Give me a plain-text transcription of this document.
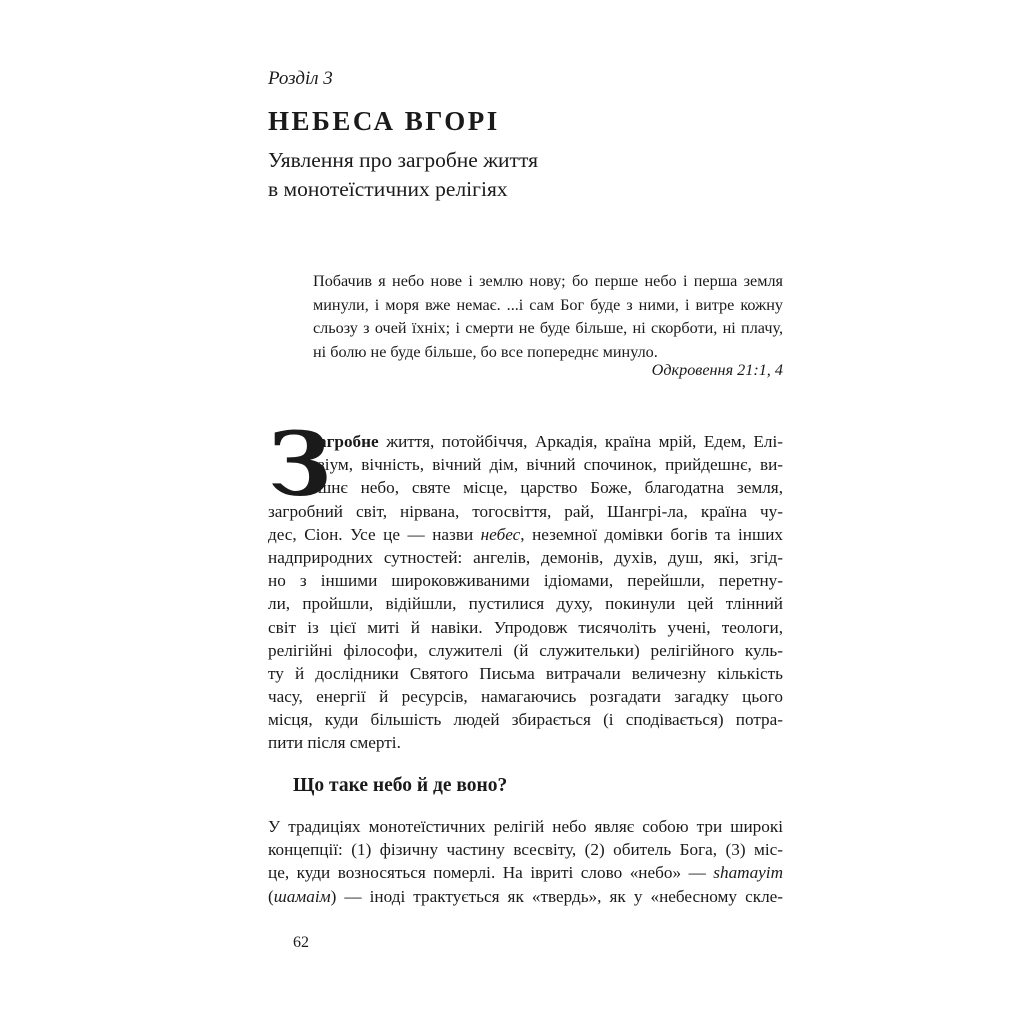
Розділ 3
НЕБЕСА ВГОРІ
Уявлення про загробне життя
в монотеїстичних релігіях
Побачив я небо нове і землю нову; бо перше небо і перша земля
минули, і моря вже немає. ...і сам Бог буде з ними, і витре кожну
сльозу з очей їхніх; і смерти не буде більше, ні скорботи, ні плачу,
ні болю не буде більше, бо все попереднє минуло.
Одкровення 21:1, 4
З
агробне життя, потойбіччя, Аркадія, країна мрій, Едем, Елі-
зіум, вічність, вічний дім, вічний спочинок, прийдешнє, ви-
шнє небо, святе місце, царство Боже, благодатна земля,
загробний світ, нірвана, тогосвіття, рай, Шангрі-ла, країна чу-
дес, Сіон. Усе це — назви небес, неземної домівки богів та інших
надприродних сутностей: ангелів, демонів, духів, душ, які, згід-
но з іншими широковживаними ідіомами, перейшли, перетну-
ли, пройшли, відійшли, пустилися духу, покинули цей тлінний
світ із цієї миті й навіки. Упродовж тисячоліть учені, теологи,
релігійні філософи, служителі (й служительки) релігійного куль-
ту й дослідники Святого Письма витрачали величезну кількість
часу, енергії й ресурсів, намагаючись розгадати загадку цього
місця, куди більшість людей збирається (і сподівається) потра-
пити після смерті.
Що таке небо й де воно?
У традиціях монотеїстичних релігій небо являє собою три широкі
концепції: (1) фізичну частину всесвіту, (2) обитель Бога, (3) міс-
це, куди возносяться померлі. На івриті слово «небо» — shamayim
(шамаім) — іноді трактується як «твердь», як у «небесному скле-
62
